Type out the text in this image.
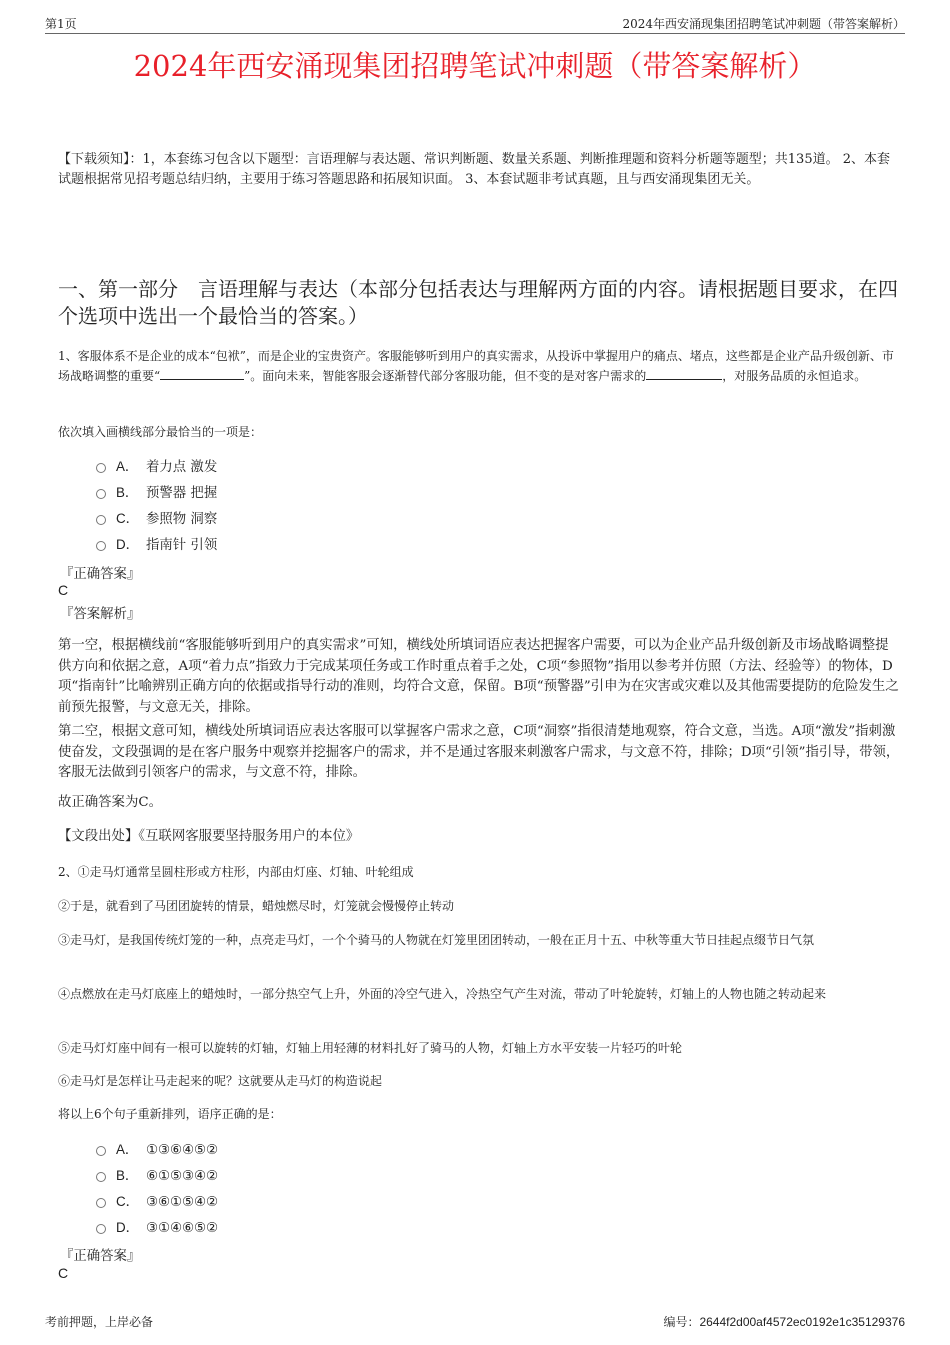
第1页	2024年西安涌现集团招聘笔试冲刺题（带答案解析）
2024年西安涌现集团招聘笔试冲刺题（带答案解析）
【下载须知】：1，本套练习包含以下题型：言语理解与表达题、常识判断题、数量关系题、判断推理题和资料分析题等题型；共135道。 2、本套试题根据常见招考题总结归纳，主要用于练习答题思路和拓展知识面。 3、本套试题非考试真题，且与西安涌现集团无关。
一、第一部分　言语理解与表达（本部分包括表达与理解两方面的内容。请根据题目要求，在四个选项中选出一个最恰当的答案。）
1、客服体系不是企业的成本“包袱”，而是企业的宝贵资产。客服能够听到用户的真实需求，从投诉中掌握用户的痛点、堵点，这些都是企业产品升级创新、市场战略调整的重要“	”。面向未来，智能客服会逐渐替代部分客服功能，但不变的是对客户需求的	，对服务品质的永恒追求。
依次填入画横线部分最恰当的一项是：
A． 着力点 激发
B． 预警器 把握
C． 参照物 洞察
D． 指南针 引领
『正确答案』
C
『答案解析』
第一空，根据横线前“客服能够听到用户的真实需求”可知，横线处所填词语应表达把握客户需要，可以为企业产品升级创新及市场战略调整提供方向和依据之意，A项“着力点”指致力于完成某项任务或工作时重点着手之处，C项“参照物”指用以参考并仿照（方法、经验等）的物体，D项“指南针”比喻辨别正确方向的依据或指导行动的准则，均符合文意，保留。B项“预警器”引申为在灾害或灾难以及其他需要提防的危险发生之前预先报警，与文意无关，排除。
第二空，根据文意可知，横线处所填词语应表达客服可以掌握客户需求之意，C项“洞察”指很清楚地观察，符合文意，当选。A项“激发”指刺激使奋发，文段强调的是在客户服务中观察并挖掘客户的需求，并不是通过客服来刺激客户需求，与文意不符，排除；D项“引领”指引导，带领，客服无法做到引领客户的需求，与文意不符，排除。
故正确答案为C。
【文段出处】《互联网客服要坚持服务用户的本位》
2、①走马灯通常呈圆柱形或方柱形，内部由灯座、灯轴、叶轮组成
②于是，就看到了马团团旋转的情景，蜡烛燃尽时，灯笼就会慢慢停止转动
③走马灯，是我国传统灯笼的一种，点亮走马灯，一个个骑马的人物就在灯笼里团团转动，一般在正月十五、中秋等重大节日挂起点缀节日气氛
④点燃放在走马灯底座上的蜡烛时，一部分热空气上升，外面的冷空气进入，冷热空气产生对流，带动了叶轮旋转，灯轴上的人物也随之转动起来
⑤走马灯灯座中间有一根可以旋转的灯轴，灯轴上用轻薄的材料扎好了骑马的人物，灯轴上方水平安装一片轻巧的叶轮
⑥走马灯是怎样让马走起来的呢？这就要从走马灯的构造说起
将以上6个句子重新排列，语序正确的是：
A． ①③⑥④⑤②
B． ⑥①⑤③④②
C． ③⑥①⑤④②
D． ③①④⑥⑤②
『正确答案』
C
考前押题，上岸必备	编号：2644f2d00af4572ec0192e1c35129376
